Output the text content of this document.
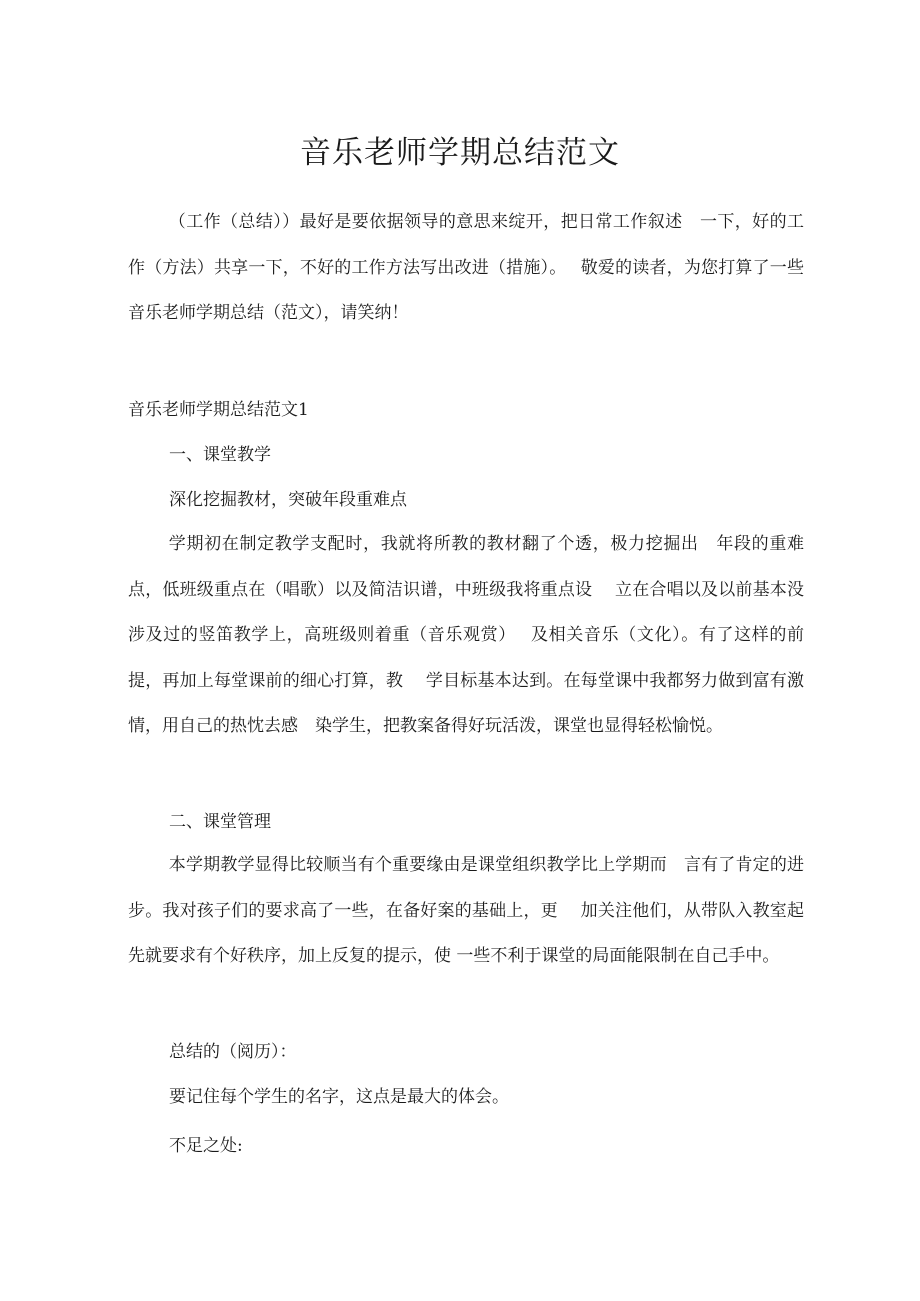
音乐老师学期总结范文

（工作（总结））最好是要依据领导的意思来绽开，把日常工作叙述　一下，好的工作（方法）共享一下，不好的工作方法写出改进（措施）。　 敬爱的读者，为您打算了一些音乐老师学期总结（范文），请笑纳！

音乐老师学期总结范文1
一、课堂教学
深化挖掘教材，突破年段重难点

学期初在制定教学支配时，我就将所教的教材翻了个透，极力挖掘出　年段的重难点，低班级重点在（唱歌）以及简洁识谱，中班级我将重点设　 立在合唱以及以前基本没涉及过的竖笛教学上，高班级则着重（音乐观赏）　 及相关音乐（文化）。有了这样的前提，再加上每堂课前的细心打算，教　 学目标基本达到。在每堂课中我都努力做到富有激情，用自己的热忱去感　染学生，把教案备得好玩活泼，课堂也显得轻松愉悦。

二、课堂管理

本学期教学显得比较顺当有个重要缘由是课堂组织教学比上学期而　言有了肯定的进步。我对孩子们的要求高了一些，在备好案的基础上，更　 加关注他们，从带队入教室起先就要求有个好秩序，加上反复的提示，使 一些不利于课堂的局面能限制在自己手中。

总结的（阅历）：
要记住每个学生的名字，这点是最大的体会。
不足之处:
